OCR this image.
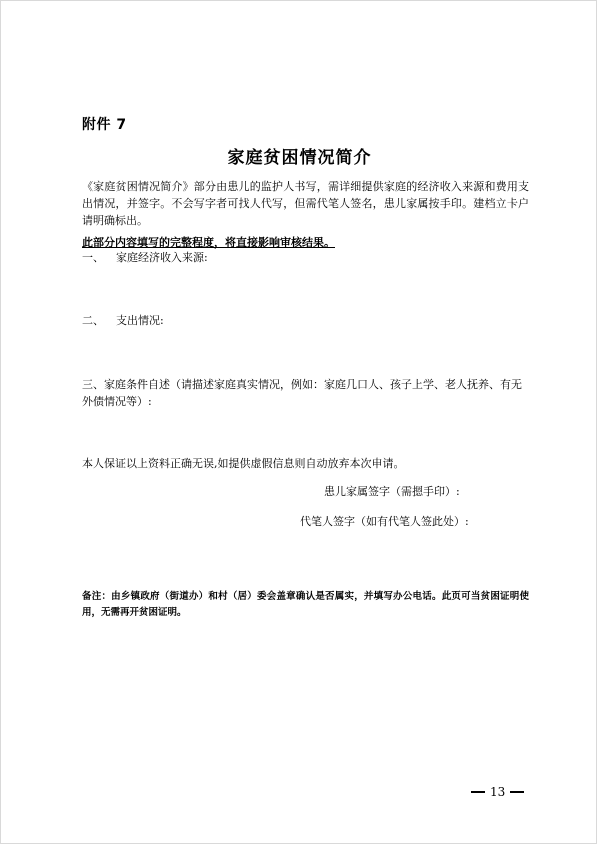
附件 7
家庭贫困情况简介
《家庭贫困情况简介》部分由患儿的监护人书写，需详细提供家庭的经济收入来源和费用支出情况，并签字。不会写字者可找人代写，但需代笔人签名，患儿家属按手印。建档立卡户请明确标出。
此部分内容填写的完整程度，将直接影响审核结果。
一、 家庭经济收入来源:
二、 支出情况:
三、家庭条件自述（请描述家庭真实情况，例如：家庭几口人、孩子上学、老人抚养、有无外债情况等）:
本人保证以上资料正确无误,如提供虚假信息则自动放弃本次申请。
患儿家属签字（需摁手印）:
代笔人签字（如有代笔人签此处）:
备注：由乡镇政府（街道办）和村（居）委会盖章确认是否属实，并填写办公电话。此页可当贫困证明使用，无需再开贫困证明。
13
